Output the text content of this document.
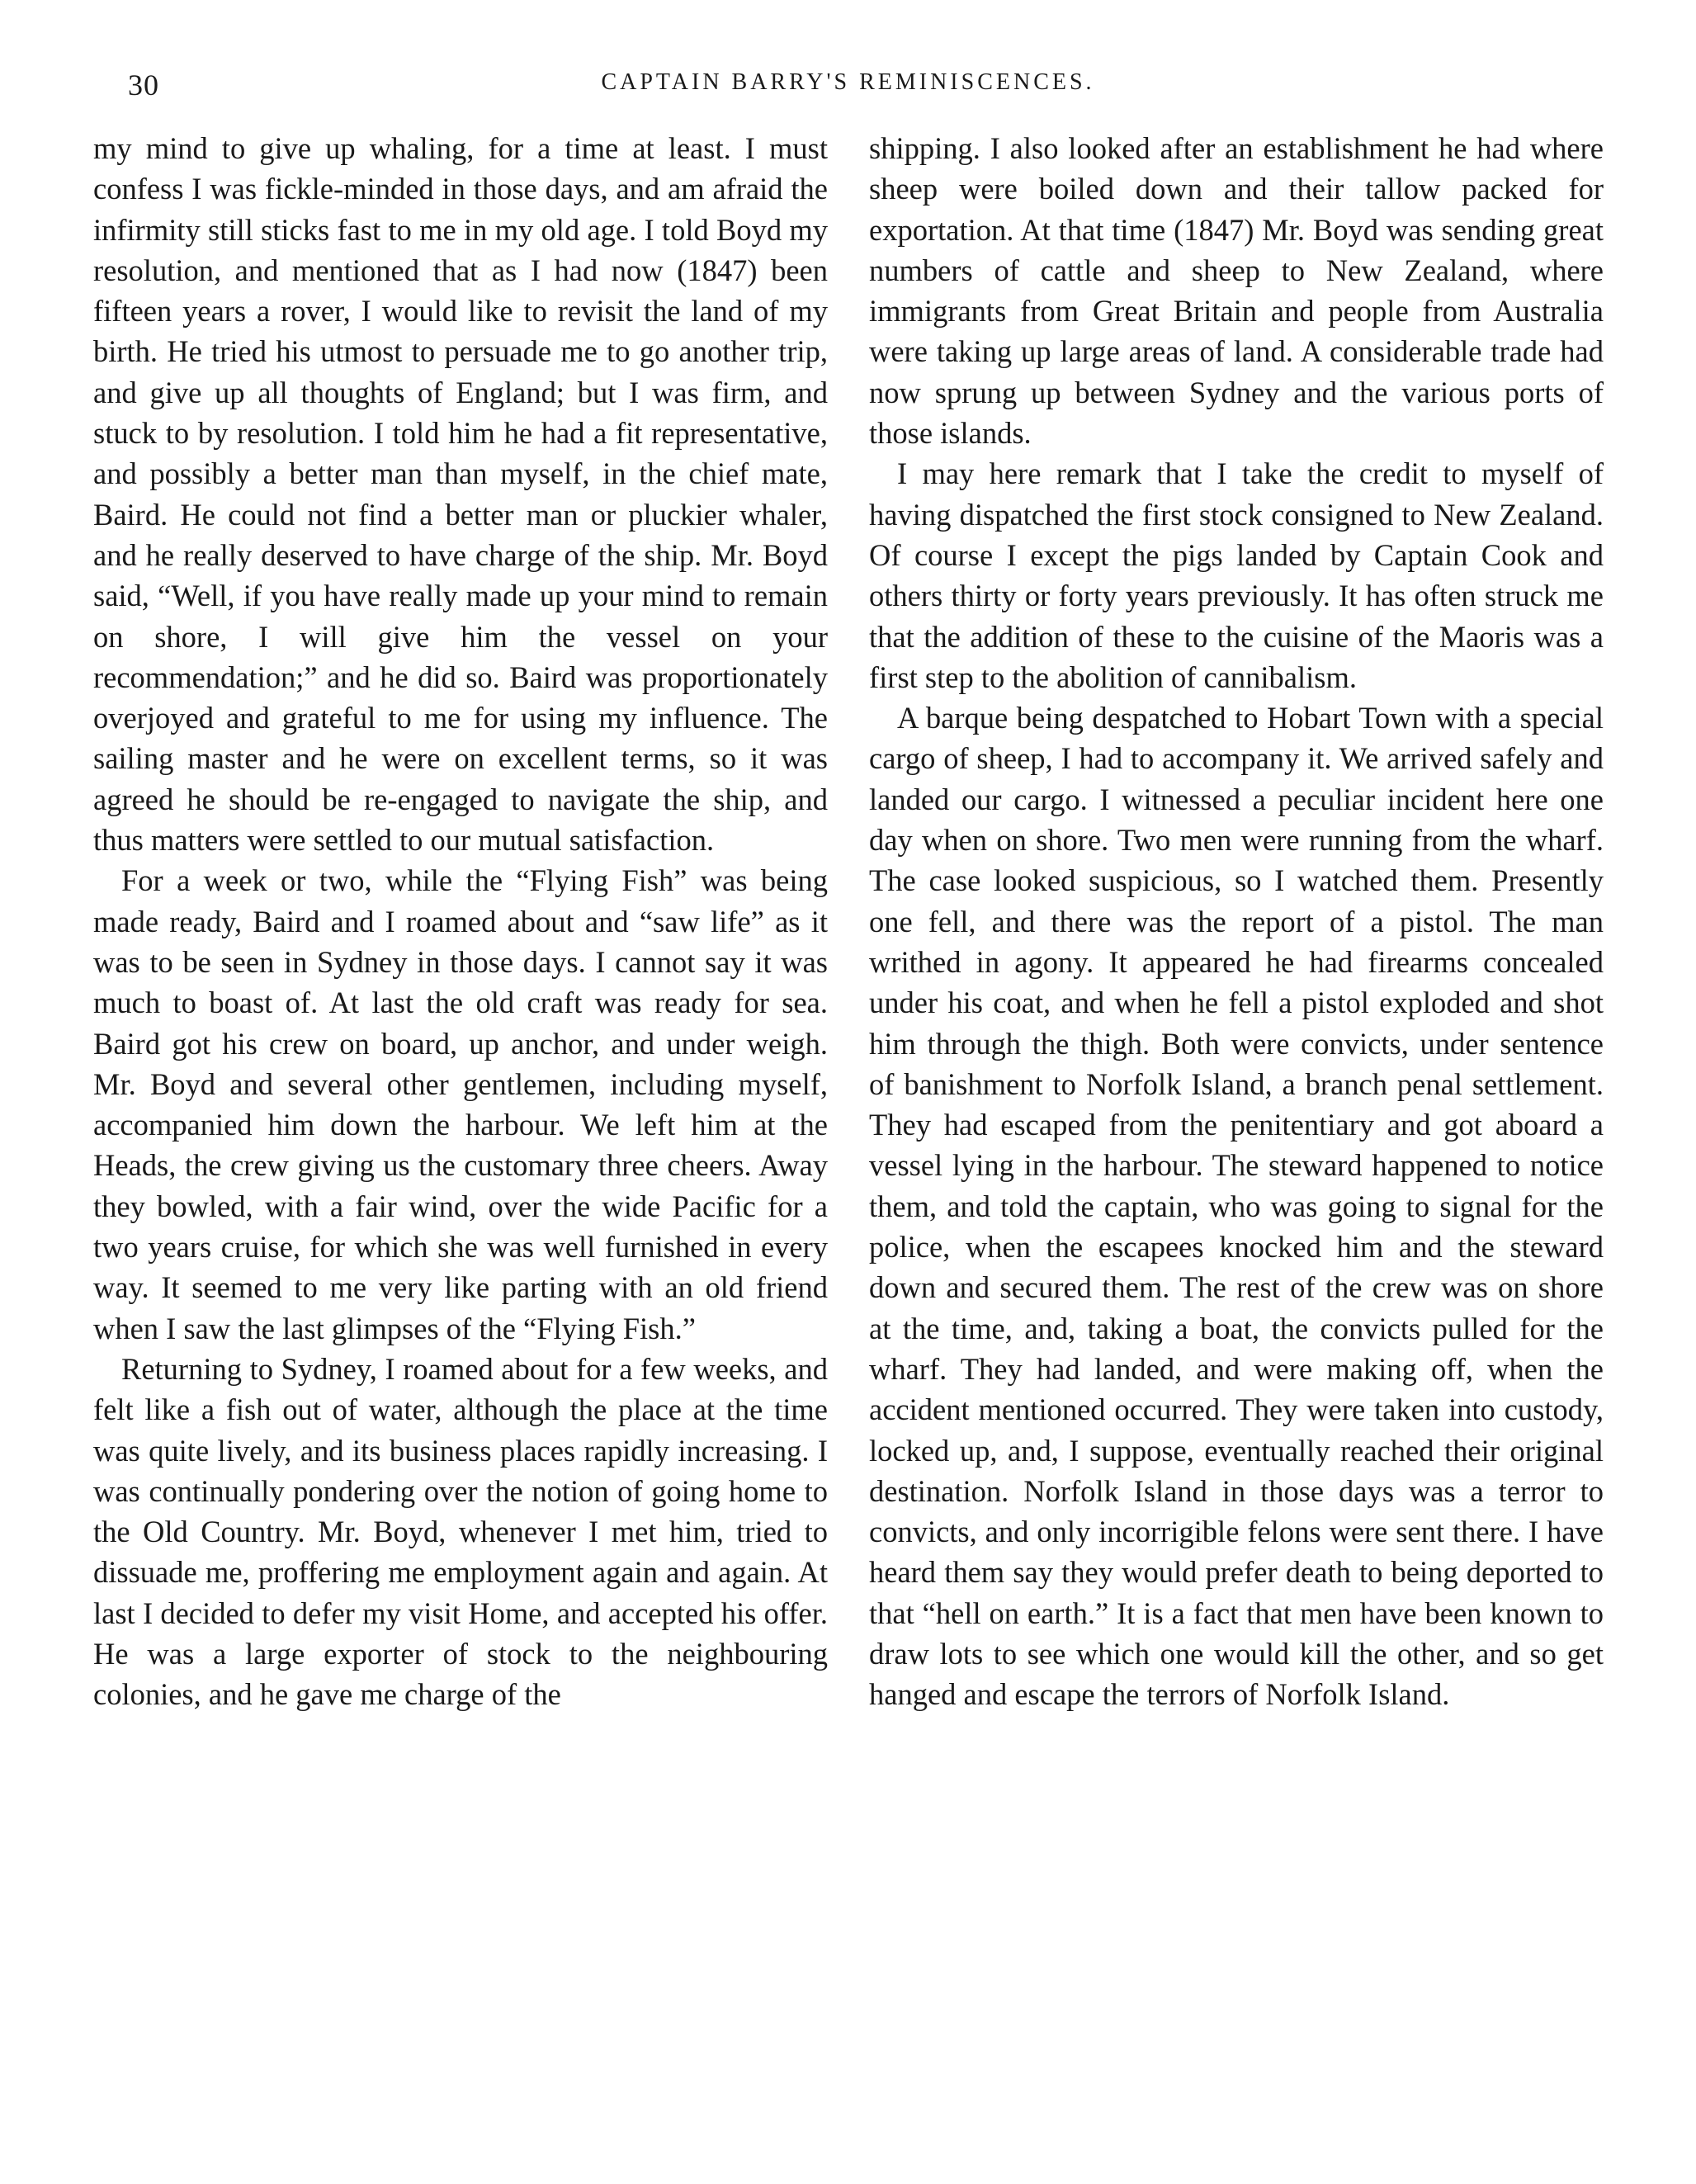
30	CAPTAIN BARRY'S REMINISCENCES.

my mind to give up whaling, for a time at least. I must confess I was fickle-minded in those days, and am afraid the infirmity still sticks fast to me in my old age. I told Boyd my resolution, and mentioned that as I had now (1847) been fifteen years a rover, I would like to revisit the land of my birth. He tried his utmost to persuade me to go another trip, and give up all thoughts of England; but I was firm, and stuck to by resolution. I told him he had a fit representative, and possibly a better man than myself, in the chief mate, Baird. He could not find a better man or pluckier whaler, and he really deserved to have charge of the ship. Mr. Boyd said, “Well, if you have really made up your mind to remain on shore, I will give him the vessel on your recommendation;” and he did so. Baird was proportionately overjoyed and grateful to me for using my influence. The sailing master and he were on excellent terms, so it was agreed he should be re-engaged to navigate the ship, and thus matters were settled to our mutual satisfaction.

For a week or two, while the “Flying Fish” was being made ready, Baird and I roamed about and “saw life” as it was to be seen in Sydney in those days. I cannot say it was much to boast of. At last the old craft was ready for sea. Baird got his crew on board, up anchor, and under weigh. Mr. Boyd and several other gentlemen, including myself, accompanied him down the harbour. We left him at the Heads, the crew giving us the customary three cheers. Away they bowled, with a fair wind, over the wide Pacific for a two years cruise, for which she was well furnished in every way. It seemed to me very like parting with an old friend when I saw the last glimpses of the “Flying Fish.”

Returning to Sydney, I roamed about for a few weeks, and felt like a fish out of water, although the place at the time was quite lively, and its business places rapidly increasing. I was continually pondering over the notion of going home to the Old Country. Mr. Boyd, whenever I met him, tried to dissuade me, proffering me employment again and again. At last I decided to defer my visit Home, and accepted his offer. He was a large exporter of stock to the neighbouring colonies, and he gave me charge of the

shipping. I also looked after an establishment he had where sheep were boiled down and their tallow packed for exportation. At that time (1847) Mr. Boyd was sending great numbers of cattle and sheep to New Zealand, where immigrants from Great Britain and people from Australia were taking up large areas of land. A considerable trade had now sprung up between Sydney and the various ports of those islands.

I may here remark that I take the credit to myself of having dispatched the first stock consigned to New Zealand. Of course I except the pigs landed by Captain Cook and others thirty or forty years previously. It has often struck me that the addition of these to the cuisine of the Maoris was a first step to the abolition of cannibalism.

A barque being despatched to Hobart Town with a special cargo of sheep, I had to accompany it. We arrived safely and landed our cargo. I witnessed a peculiar incident here one day when on shore. Two men were running from the wharf. The case looked suspicious, so I watched them. Presently one fell, and there was the report of a pistol. The man writhed in agony. It appeared he had firearms concealed under his coat, and when he fell a pistol exploded and shot him through the thigh. Both were convicts, under sentence of banishment to Norfolk Island, a branch penal settlement. They had escaped from the penitentiary and got aboard a vessel lying in the harbour. The steward happened to notice them, and told the captain, who was going to signal for the police, when the escapees knocked him and the steward down and secured them. The rest of the crew was on shore at the time, and, taking a boat, the convicts pulled for the wharf. They had landed, and were making off, when the accident mentioned occurred. They were taken into custody, locked up, and, I suppose, eventually reached their original destination. Norfolk Island in those days was a terror to convicts, and only incorrigible felons were sent there. I have heard them say they would prefer death to being deported to that “hell on earth.” It is a fact that men have been known to draw lots to see which one would kill the other, and so get hanged and escape the terrors of Norfolk Island.
